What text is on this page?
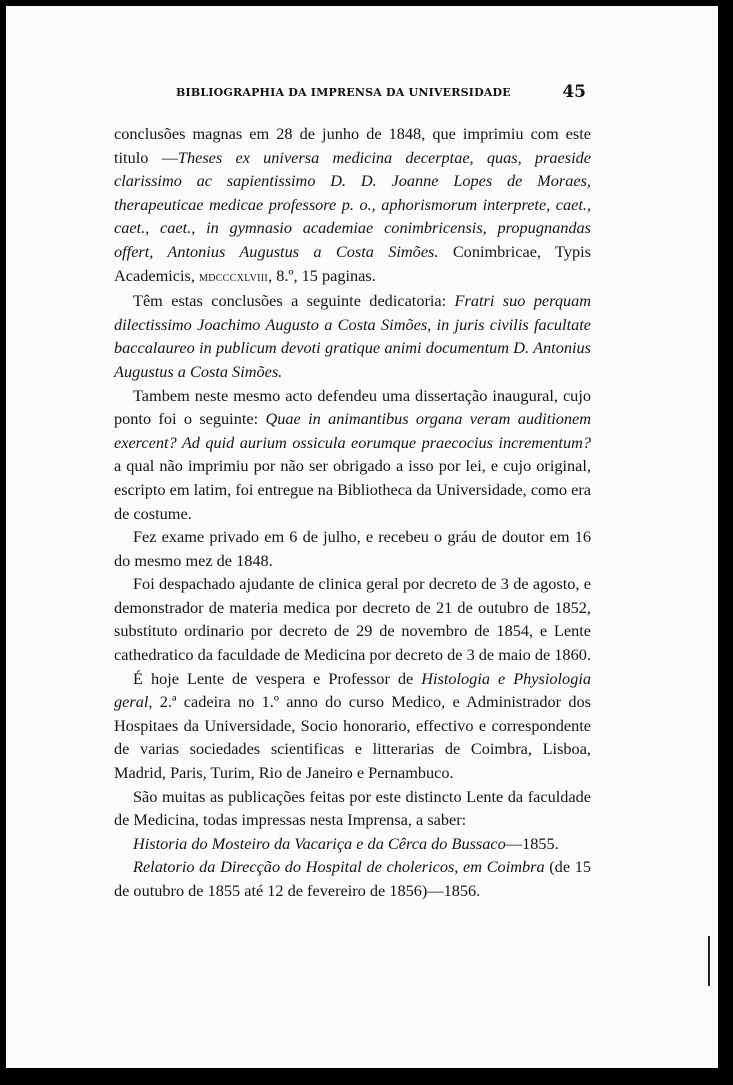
BIBLIOGRAPHIA DA IMPRENSA DA UNIVERSIDADE	45

conclusões magnas em 28 de junho de 1848, que imprimiu com este titulo —Theses ex universa medicina decerptae, quas, praeside clarissimo ac sapientissimo D. D. Joanne Lopes de Moraes, therapeuticae medicae professore p. o., aphorismorum interprete, caet., caet., caet., in gymnasio academiae conimbricensis, propugnandas offert, Antonius Augustus a Costa Simões. Conimbricae, Typis Academicis, mdcccxlviii, 8.º, 15 paginas.

Têm estas conclusões a seguinte dedicatoria: Fratri suo perquam dilectissimo Joachimo Augusto a Costa Simões, in juris civilis facultate baccalaureo in publicum devoti gratique animi documentum D. Antonius Augustus a Costa Simões.

Tambem neste mesmo acto defendeu uma dissertação inaugural, cujo ponto foi o seguinte: Quae in animantibus organa veram auditionem exercent? Ad quid aurium ossicula eorumque praecocius incrementum? a qual não imprimiu por não ser obrigado a isso por lei, e cujo original, escripto em latim, foi entregue na Bibliotheca da Universidade, como era de costume.

Fez exame privado em 6 de julho, e recebeu o gráu de doutor em 16 do mesmo mez de 1848.

Foi despachado ajudante de clinica geral por decreto de 3 de agosto, e demonstrador de materia medica por decreto de 21 de outubro de 1852, substituto ordinario por decreto de 29 de novembro de 1854, e Lente cathedratico da faculdade de Medicina por decreto de 3 de maio de 1860.

É hoje Lente de vespera e Professor de Histologia e Physiologia geral, 2.ª cadeira no 1.º anno do curso Medico, e Administrador dos Hospitaes da Universidade, Socio honorario, effectivo e correspondente de varias sociedades scientificas e litterarias de Coimbra, Lisboa, Madrid, Paris, Turim, Rio de Janeiro e Pernambuco.

São muitas as publicações feitas por este distincto Lente da faculdade de Medicina, todas impressas nesta Imprensa, a saber:

Historia do Mosteiro da Vacariça e da Cêrca do Bussaco—1855.

Relatorio da Direcção do Hospital de cholericos, em Coimbra (de 15 de outubro de 1855 até 12 de fevereiro de 1856)—1856.
